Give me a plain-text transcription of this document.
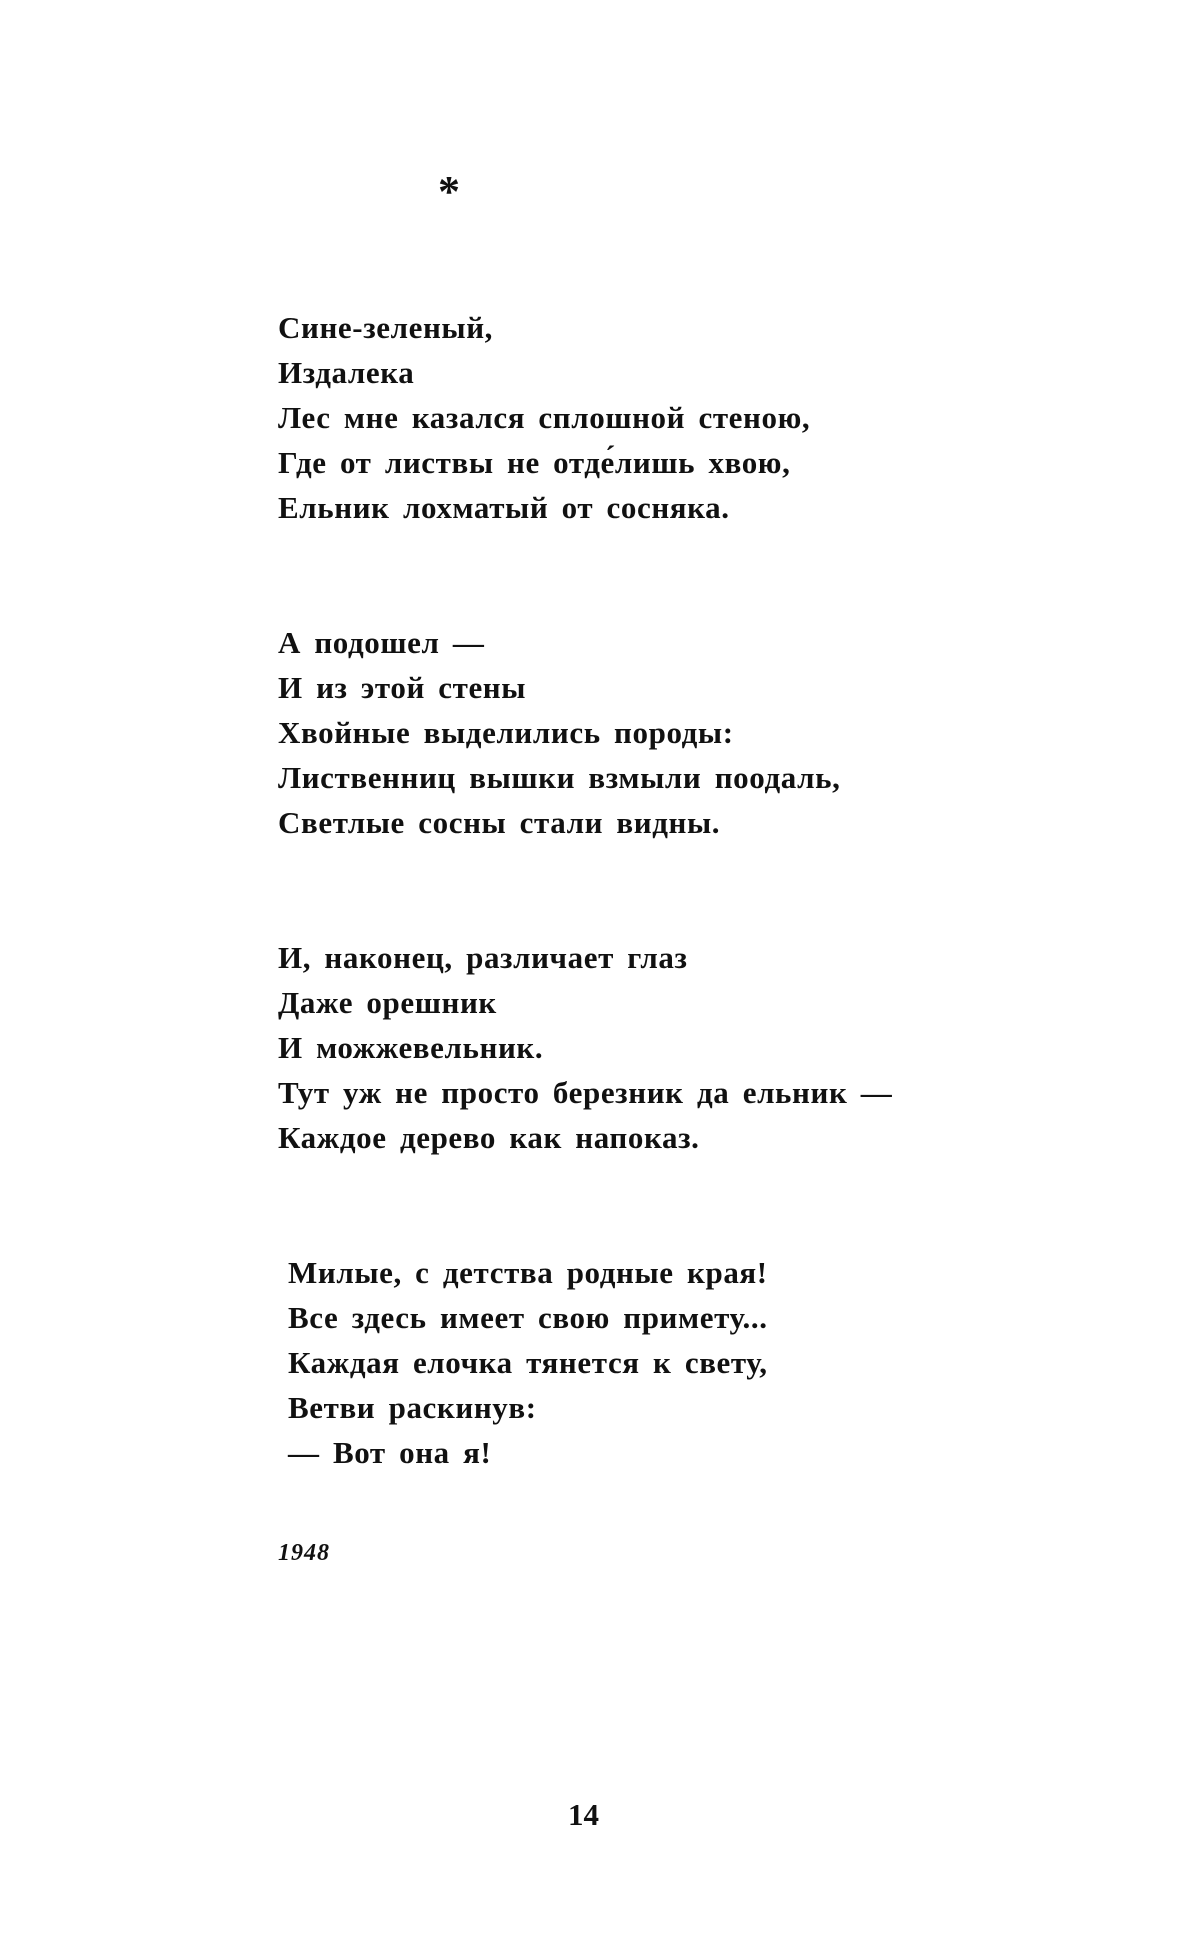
*
Сине-зеленый,
Издалека
Лес мне казался сплошной стеною,
Где от листвы не отде́лишь хвою,
Ельник лохматый от сосняка.
А подошел —
И из этой стены
Хвойные выделились породы:
Лиственниц вышки взмыли поодаль,
Светлые сосны стали видны.
И, наконец, различает глаз
Даже орешник
И можжевельник.
Тут уж не просто березник да ельник —
Каждое дерево как напоказ.
Милые, с детства родные края!
Все здесь имеет свою примету...
Каждая елочка тянется к свету,
Ветви раскинув:
— Вот она я!
1948
14
